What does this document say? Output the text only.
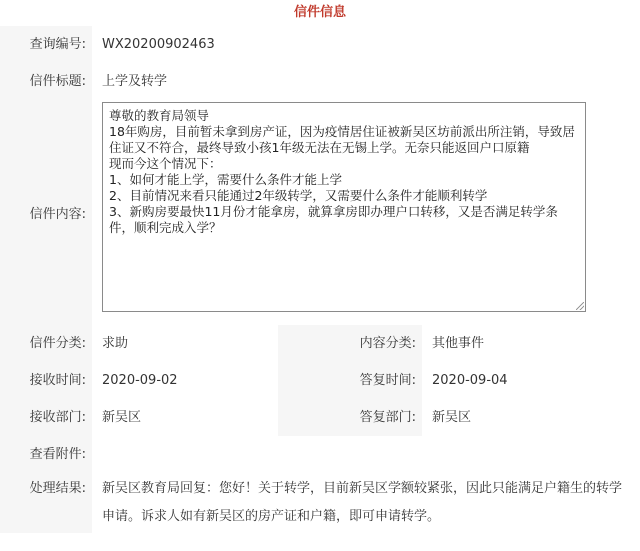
信件信息
查询编号:	WX20200902463
信件标题:	上学及转学
信件内容:
尊敬的教育局领导
18年购房，目前暂未拿到房产证，因为疫情居住证被新吴区坊前派出所注销，导致居住证又不符合，最终导致小孩1年级无法在无锡上学。无奈只能返回户口原籍
现而今这个情况下：
1、如何才能上学，需要什么条件才能上学
2、目前情况来看只能通过2年级转学，又需要什么条件才能顺利转学
3、新购房要最快11月份才能拿房，就算拿房即办理户口转移，又是否满足转学条件，顺利完成入学？
信件分类:	求助	内容分类:	其他事件
接收时间:	2020-09-02	答复时间:	2020-09-04
接收部门:	新吴区	答复部门:	新吴区
查看附件:
处理结果:	新吴区教育局回复：您好！关于转学，目前新吴区学额较紧张，因此只能满足户籍生的转学申请。诉求人如有新吴区的房产证和户籍，即可申请转学。
